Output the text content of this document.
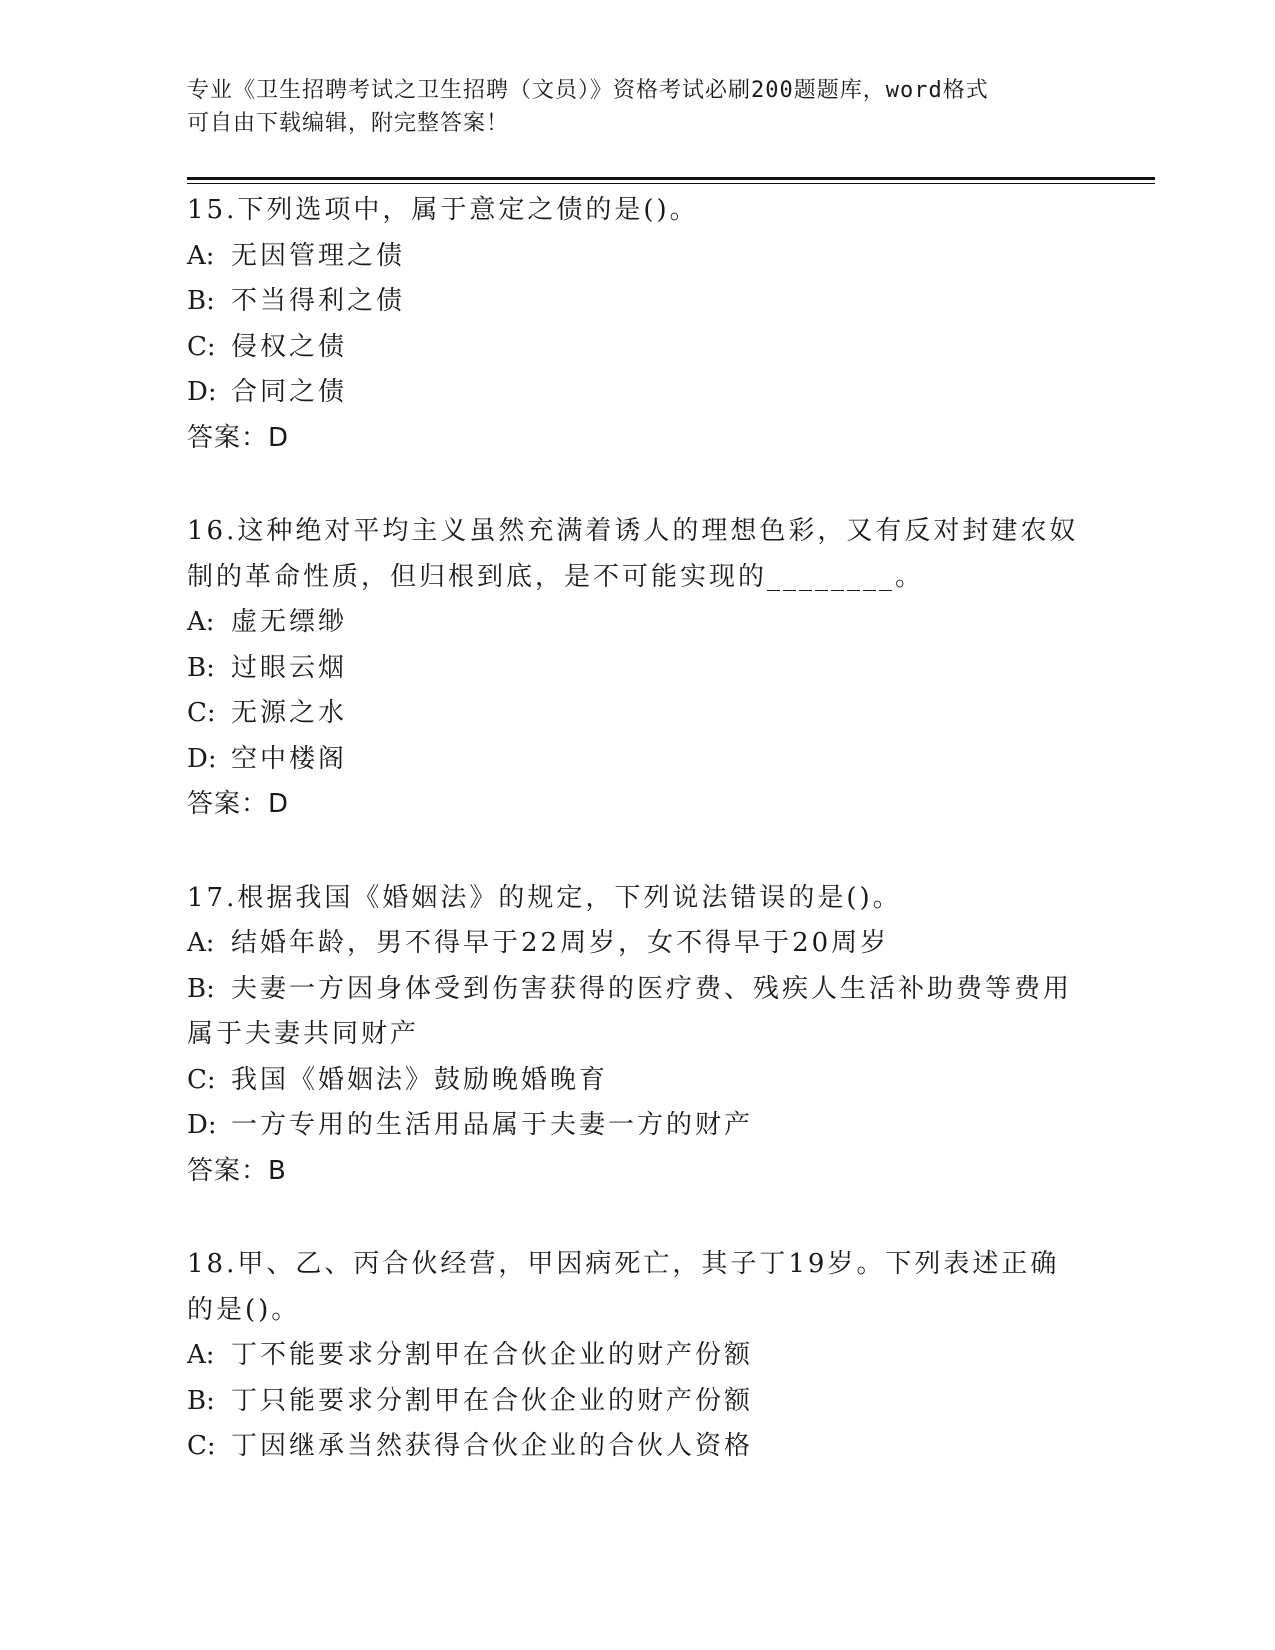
专业《卫生招聘考试之卫生招聘（文员）》资格考试必刷200题题库，word格式
可自由下载编辑，附完整答案！
15.下列选项中，属于意定之债的是()。
A: 无因管理之债
B: 不当得利之债
C: 侵权之债
D: 合同之债
答案：D
16.这种绝对平均主义虽然充满着诱人的理想色彩，又有反对封建农奴制的革命性质，但归根到底，是不可能实现的________。
A: 虚无缥缈
B: 过眼云烟
C: 无源之水
D: 空中楼阁
答案：D
17.根据我国《婚姻法》的规定，下列说法错误的是()。
A: 结婚年龄，男不得早于22周岁，女不得早于20周岁
B: 夫妻一方因身体受到伤害获得的医疗费、残疾人生活补助费等费用属于夫妻共同财产
C: 我国《婚姻法》鼓励晚婚晚育
D: 一方专用的生活用品属于夫妻一方的财产
答案：B
18.甲、乙、丙合伙经营，甲因病死亡，其子丁19岁。下列表述正确的是()。
A: 丁不能要求分割甲在合伙企业的财产份额
B: 丁只能要求分割甲在合伙企业的财产份额
C: 丁因继承当然获得合伙企业的合伙人资格
